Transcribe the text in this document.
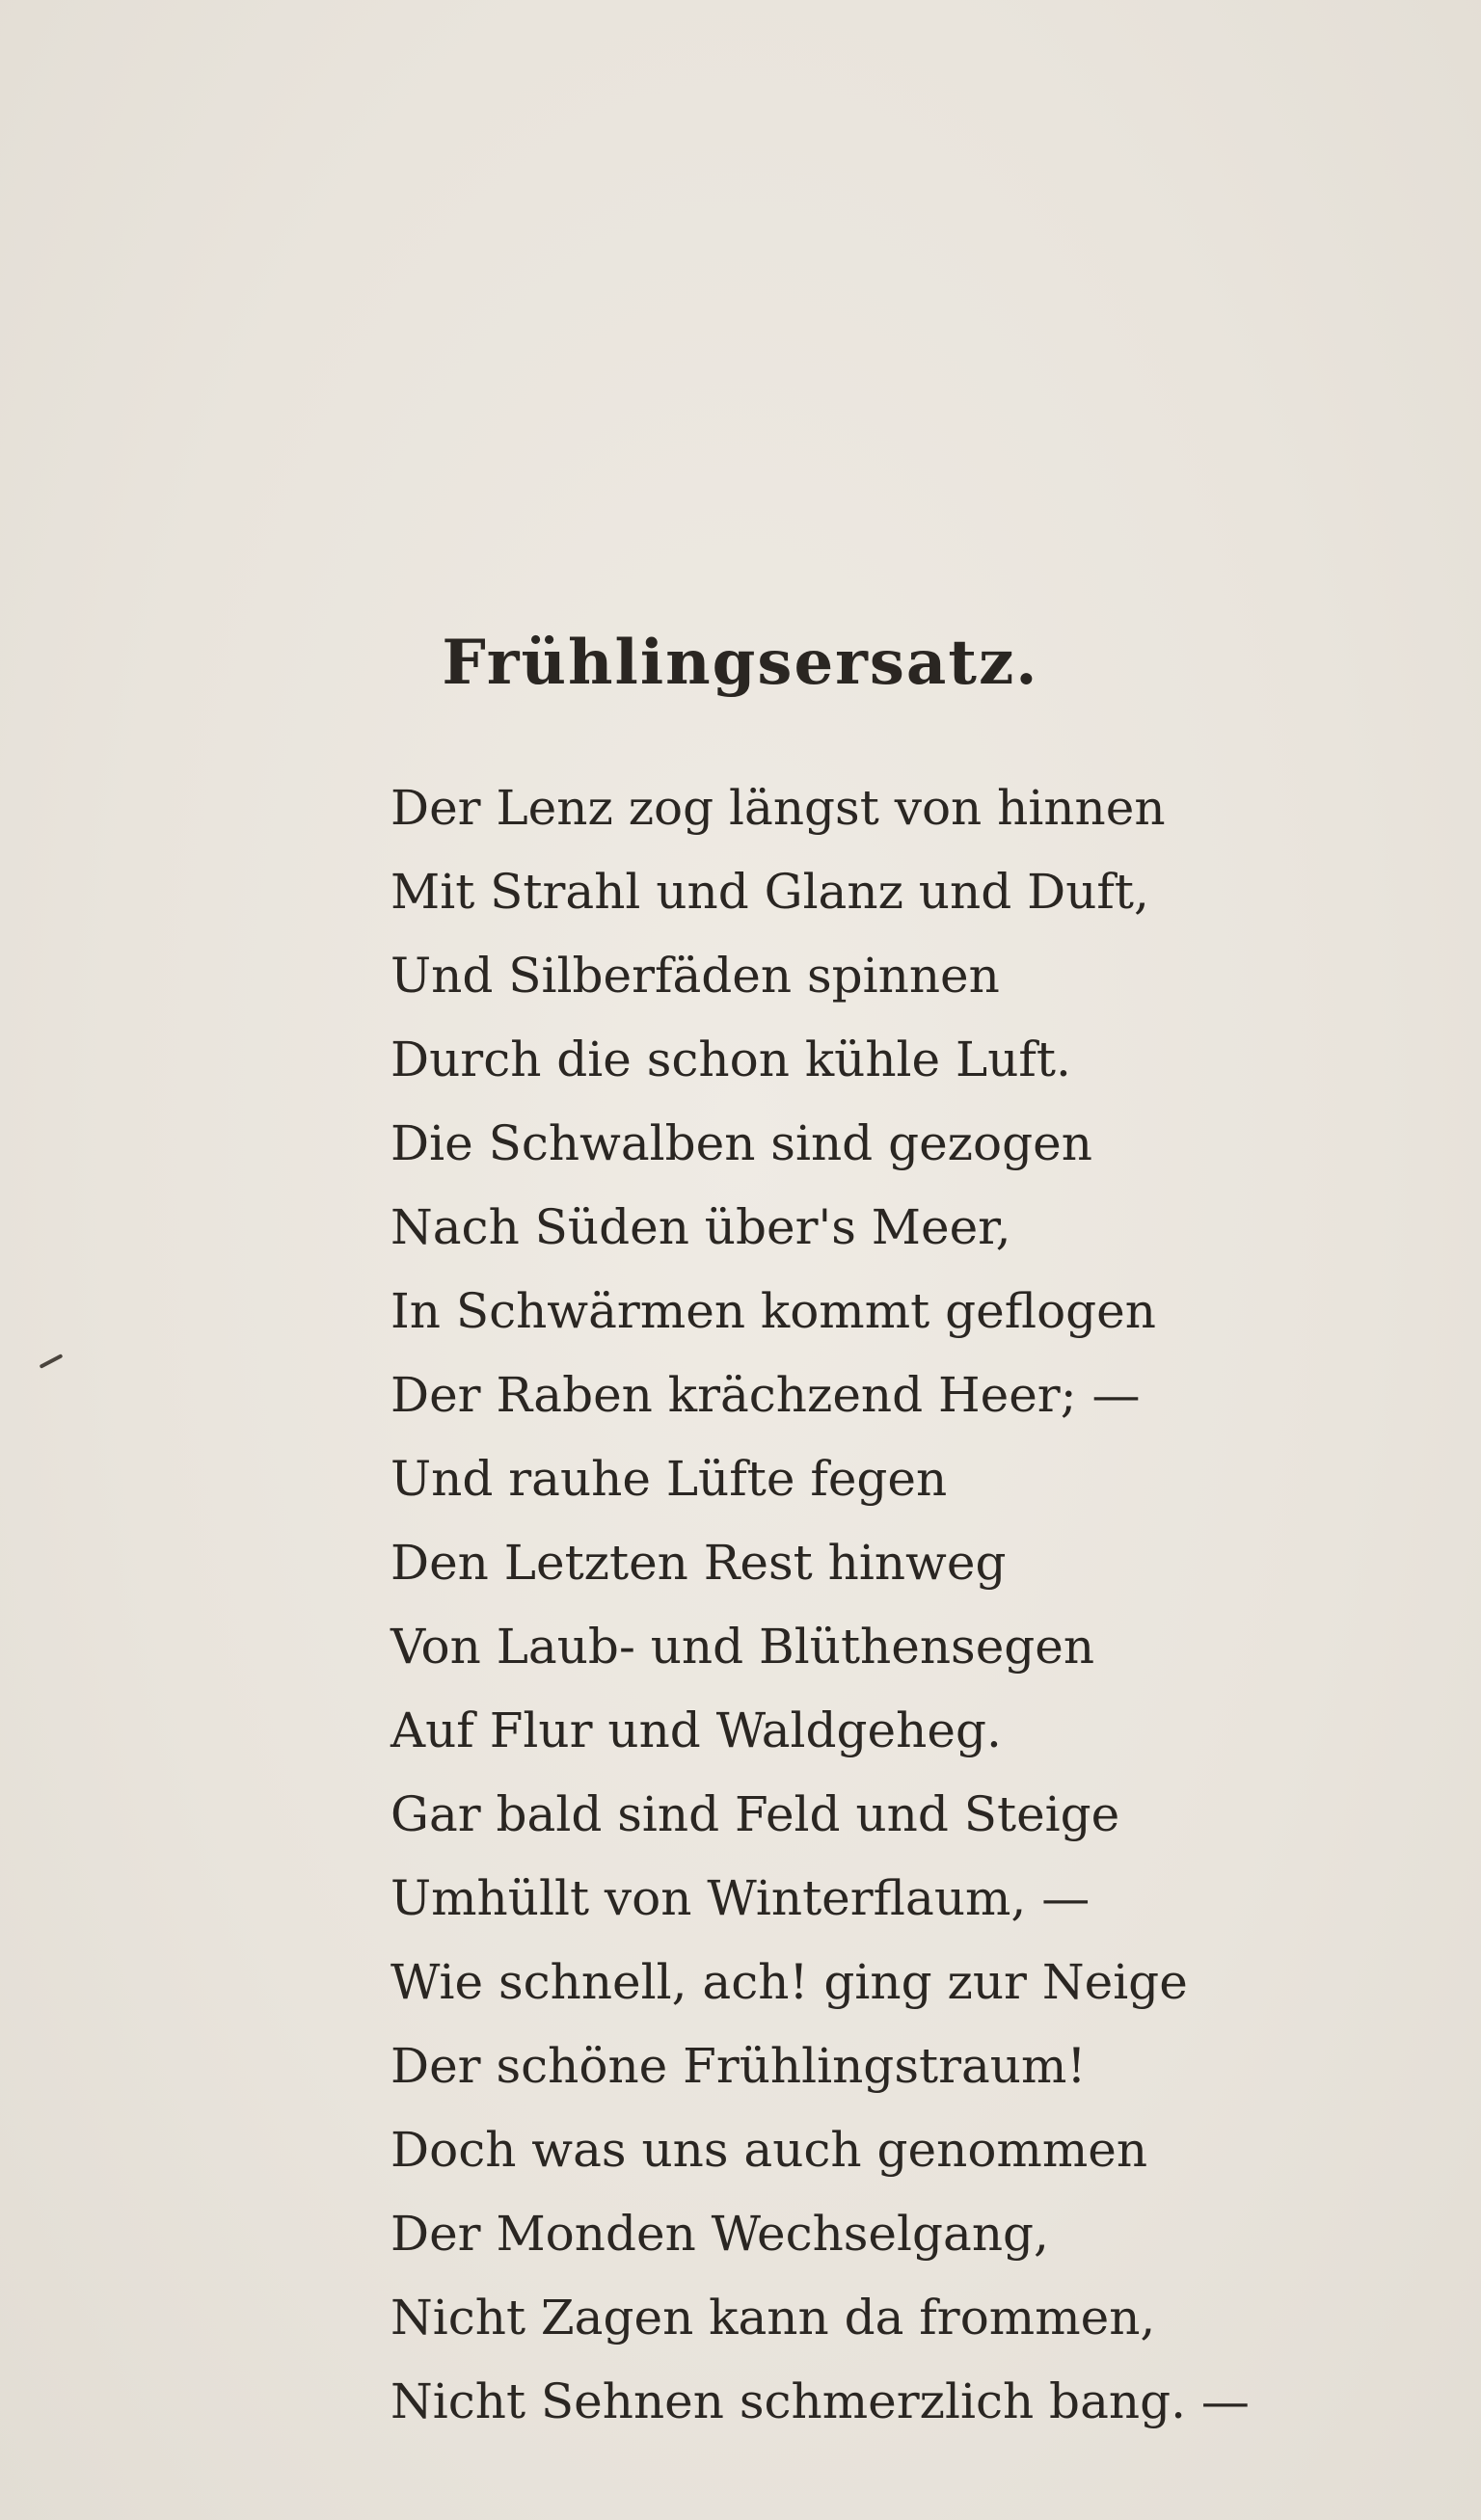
Frühlingsersatz.
Der Lenz zog längst von hinnen
Mit Strahl und Glanz und Duft,
Und Silberfäden spinnen
Durch die schon kühle Luft.
Die Schwalben sind gezogen
Nach Süden über's Meer,
In Schwärmen kommt geflogen
Der Raben krächzend Heer; —
Und rauhe Lüfte fegen
Den Letzten Rest hinweg
Von Laub- und Blüthensegen
Auf Flur und Waldgeheg.
Gar bald sind Feld und Steige
Umhüllt von Winterflaum, —
Wie schnell, ach! ging zur Neige
Der schöne Frühlingstraum!
Doch was uns auch genommen
Der Monden Wechselgang,
Nicht Zagen kann da frommen,
Nicht Sehnen schmerzlich bang. —
